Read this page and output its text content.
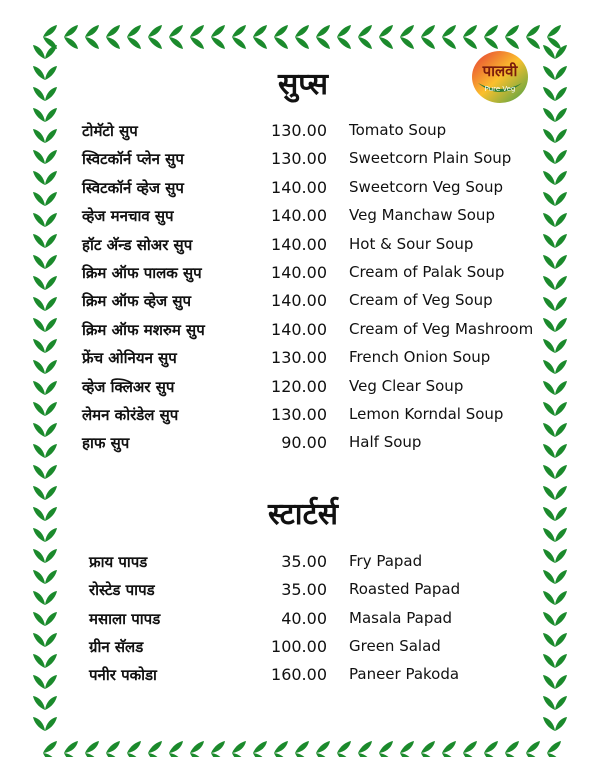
पालवी
Pure Veg
सुप्स
टोमॅटो सुप	130.00 Tomato Soup
स्विटकॉर्न प्लेन सुप	130.00 Sweetcorn Plain Soup
स्विटकॉर्न व्हेज सुप	140.00 Sweetcorn Veg Soup
व्हेज मनचाव सुप	140.00 Veg Manchaw Soup
हॉट अ‍ॅन्ड सोअर सुप	140.00 Hot & Sour Soup
क्रिम ऑफ पालक सुप	140.00 Cream of Palak Soup
क्रिम ऑफ व्हेज सुप	140.00 Cream of Veg Soup
क्रिम ऑफ मशरुम सुप	140.00 Cream of Veg Mashroom
फ्रेंच ओनियन सुप	130.00 French Onion Soup
व्हेज क्लिअर सुप	120.00 Veg Clear Soup
लेमन कोरंडेल सुप	130.00 Lemon Korndal Soup
हाफ सुप	90.00 Half Soup
स्टार्टर्स
फ्राय पापड	35.00 Fry Papad
रोस्टेड पापड	35.00 Roasted Papad
मसाला पापड	40.00 Masala Papad
ग्रीन सॅलड	100.00 Green Salad
पनीर पकोडा	160.00 Paneer Pakoda
